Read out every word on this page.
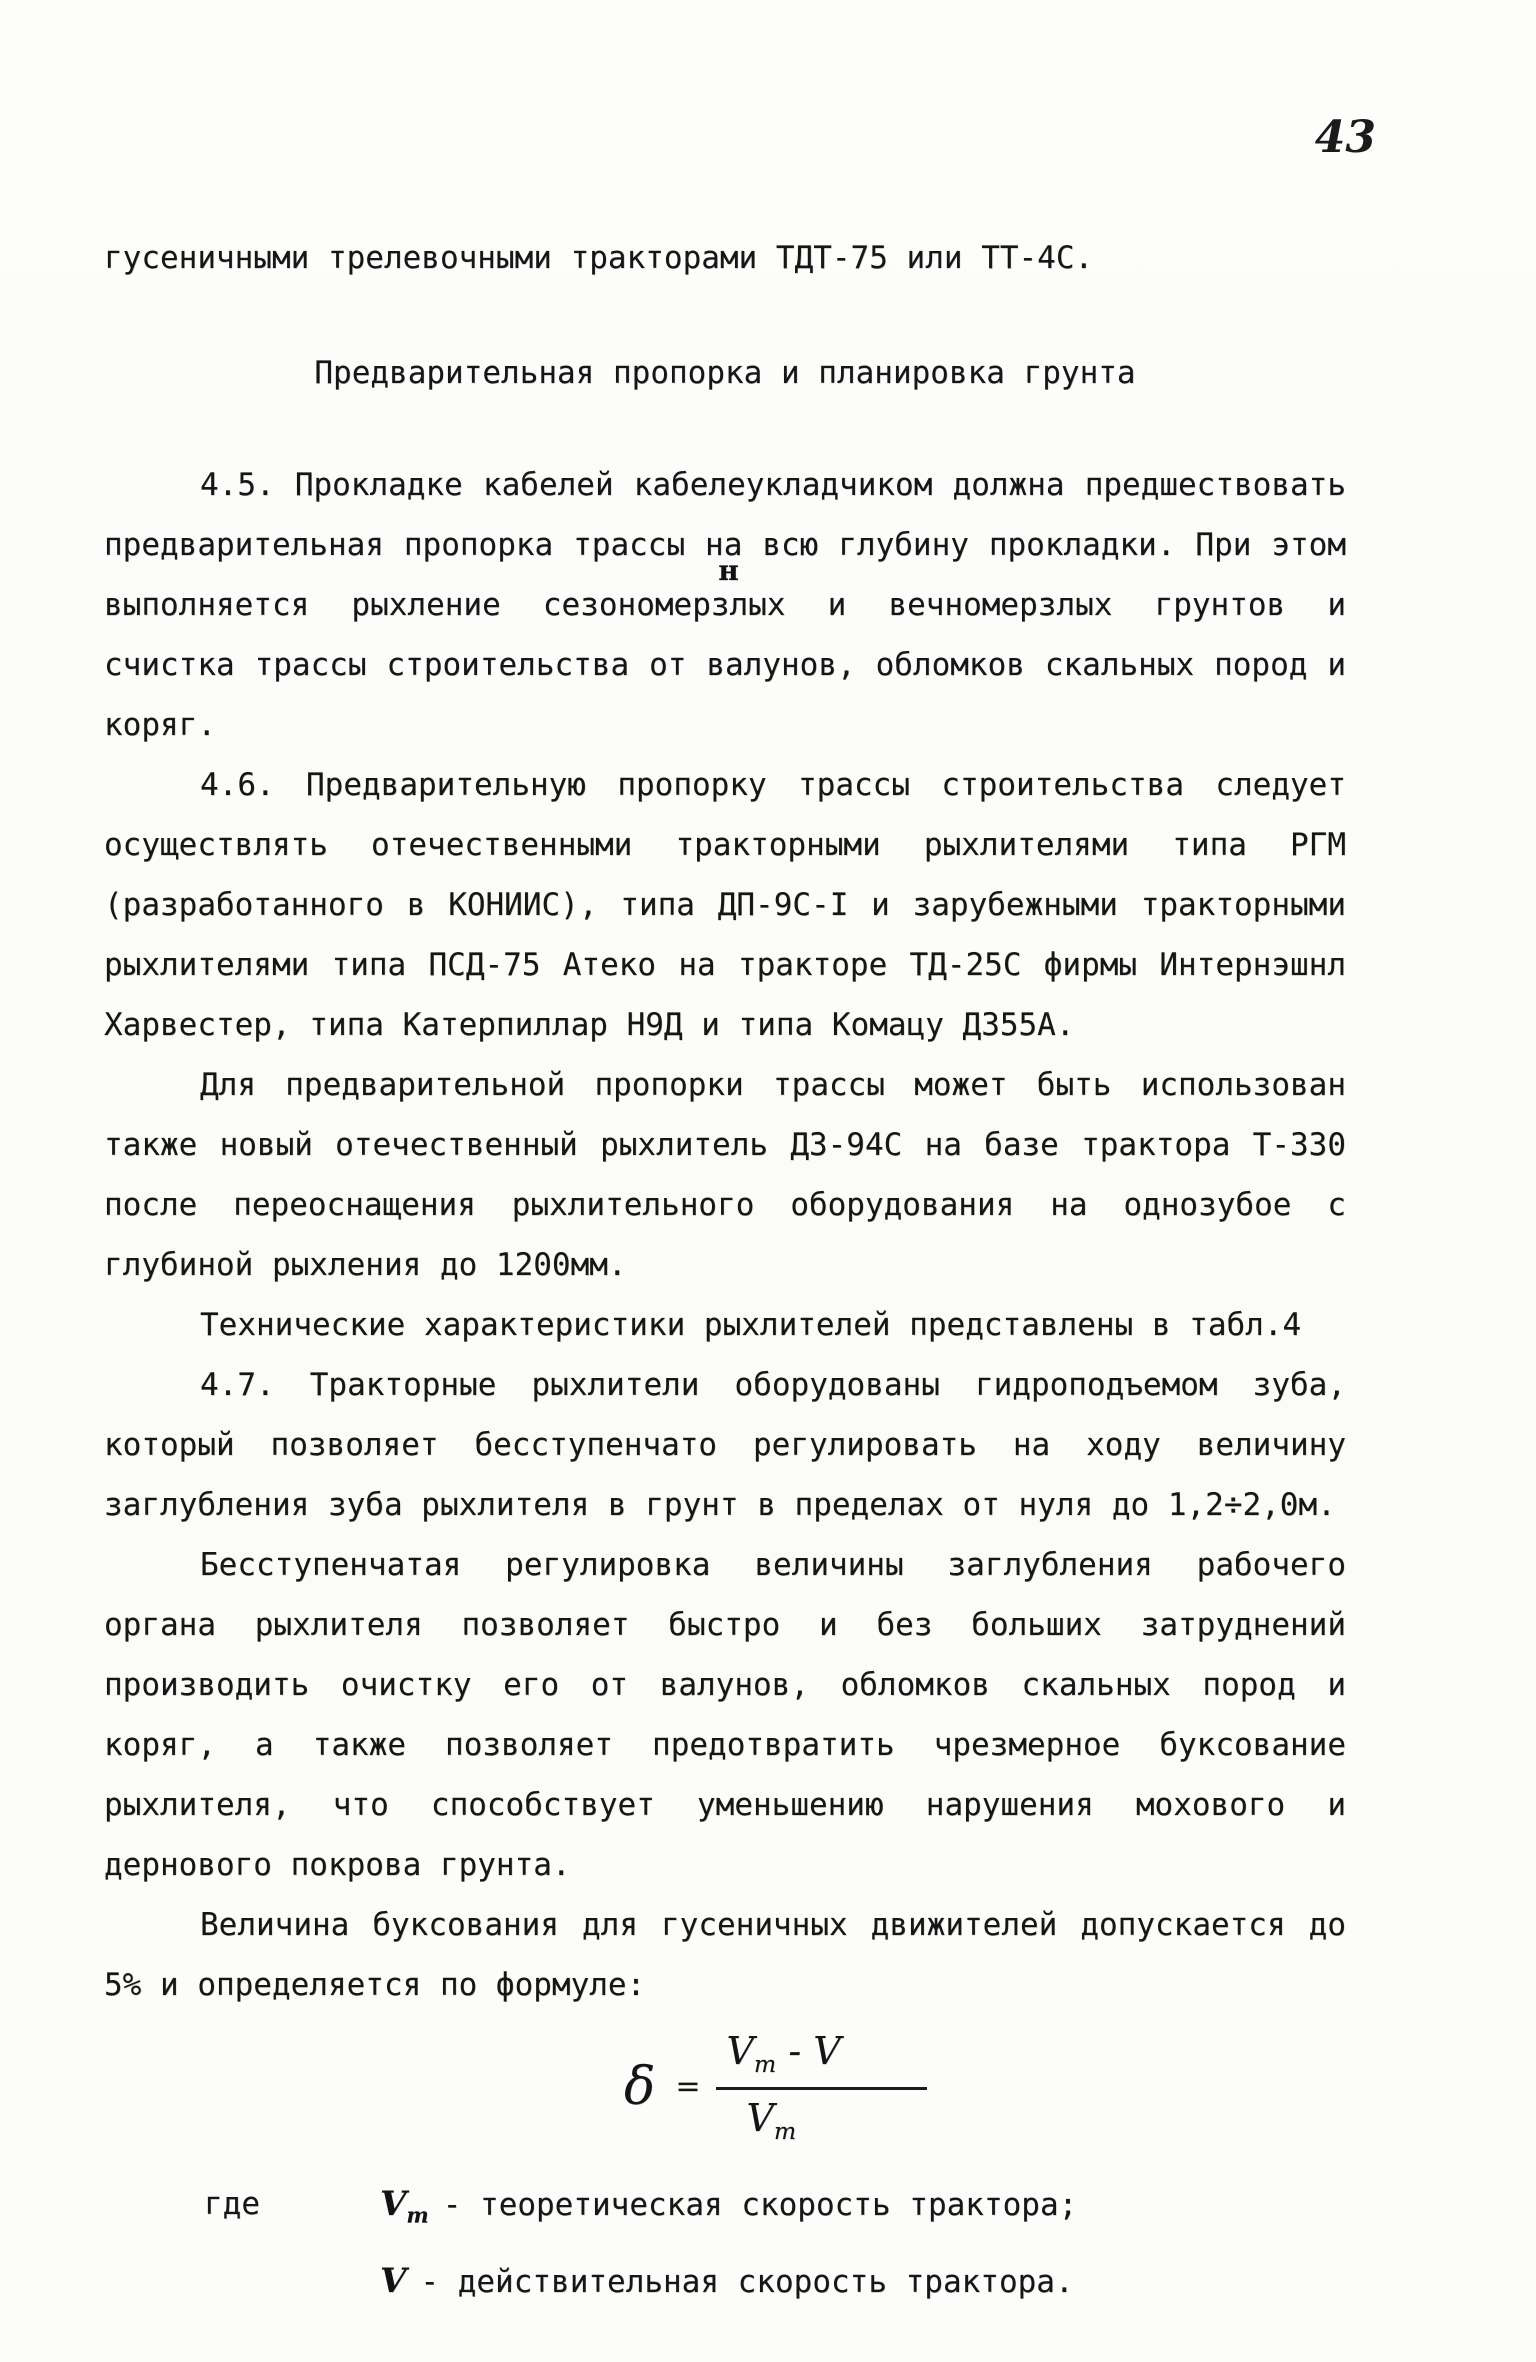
43

гусеничными трелевочными тракторами ТДТ-75 или ТТ-4С.

Предварительная пропорка и планировка грунта

4.5. Прокладке кабелей кабелеукладчиком должна предшествовать предварительная пропорка трассы на всю глубину прокладки. При этом выполняется рыхление сезон
н
омерзлых и вечномерзлых грунтов и счистка трассы строительства от валунов, обломков скальных пород и коряг.

4.6. Предварительную пропорку трассы строительства следует осуществлять отечественными тракторными рыхлителями типа РГМ (разработанного в КОНИИС), типа ДП-9С-I и зарубежными тракторными рыхлителями типа ПСД-75 Атеко на тракторе ТД-25С фирмы Интернэшнл Харвестер, типа Катерпиллар Н9Д и типа Комацу Д355А.

Для предварительной пропорки трассы может быть использован также новый отечественный рыхлитель ДЗ-94С на базе трактора Т-330 после переоснащения рыхлительного оборудования на однозубое с глубиной рыхления до 1200мм.

Технические характеристики рыхлителей представлены в табл.4

4.7. Тракторные рыхлители оборудованы гидроподъемом зуба, который позволяет бесступенчато регулировать на ходу величину заглубления зуба рыхлителя в грунт в пределах от нуля до 1,2÷2,0м.

Бесступенчатая регулировка величины заглубления рабочего органа рыхлителя позволяет быстро и без больших затруднений производить очистку его от валунов, обломков скальных пород и коряг, а также позволяет предотвратить чрезмерное буксование рыхлителя, что способствует уменьшению нарушения мохового и дернового покрова грунта.

Величина буксования для гусеничных движителей допускается до 5% и определяется по формуле:

$\delta = \frac{V_т - V}{V_т}$
где	$V_т$ - теоретическая скорость трактора;
V - действительная скорость трактора.
